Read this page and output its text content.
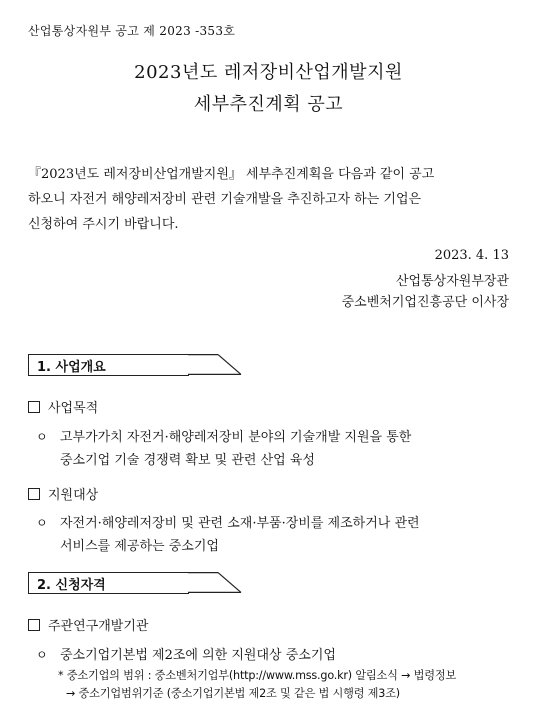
산업통상자원부 공고 제 2023 -353호
2023년도 레저장비산업개발지원
세부추진계획 공고
『2023년도 레저장비산업개발지원』 세부추진계획을 다음과 같이 공고
하오니 자전거 해양레저장비 관련 기술개발을 추진하고자 하는 기업은
신청하여 주시기 바랍니다.
2023. 4. 13
산업통상자원부장관
중소벤처기업진흥공단 이사장
1. 사업개요
사업목적
ㅇ 고부가가치 자전거·해양레저장비 분야의 기술개발 지원을 통한
중소기업 기술 경쟁력 확보 및 관련 산업 육성
지원대상
ㅇ 자전거·해양레저장비 및 관련 소재·부품·장비를 제조하거나 관련
서비스를 제공하는 중소기업
2. 신청자격
주관연구개발기관
ㅇ 중소기업기본법 제2조에 의한 지원대상 중소기업
* 중소기업의 범위 : 중소벤처기업부(http://www.mss.go.kr) 알림소식 → 법령정보
→ 중소기업범위기준 (중소기업기본법 제2조 및 같은 법 시행령 제3조)
